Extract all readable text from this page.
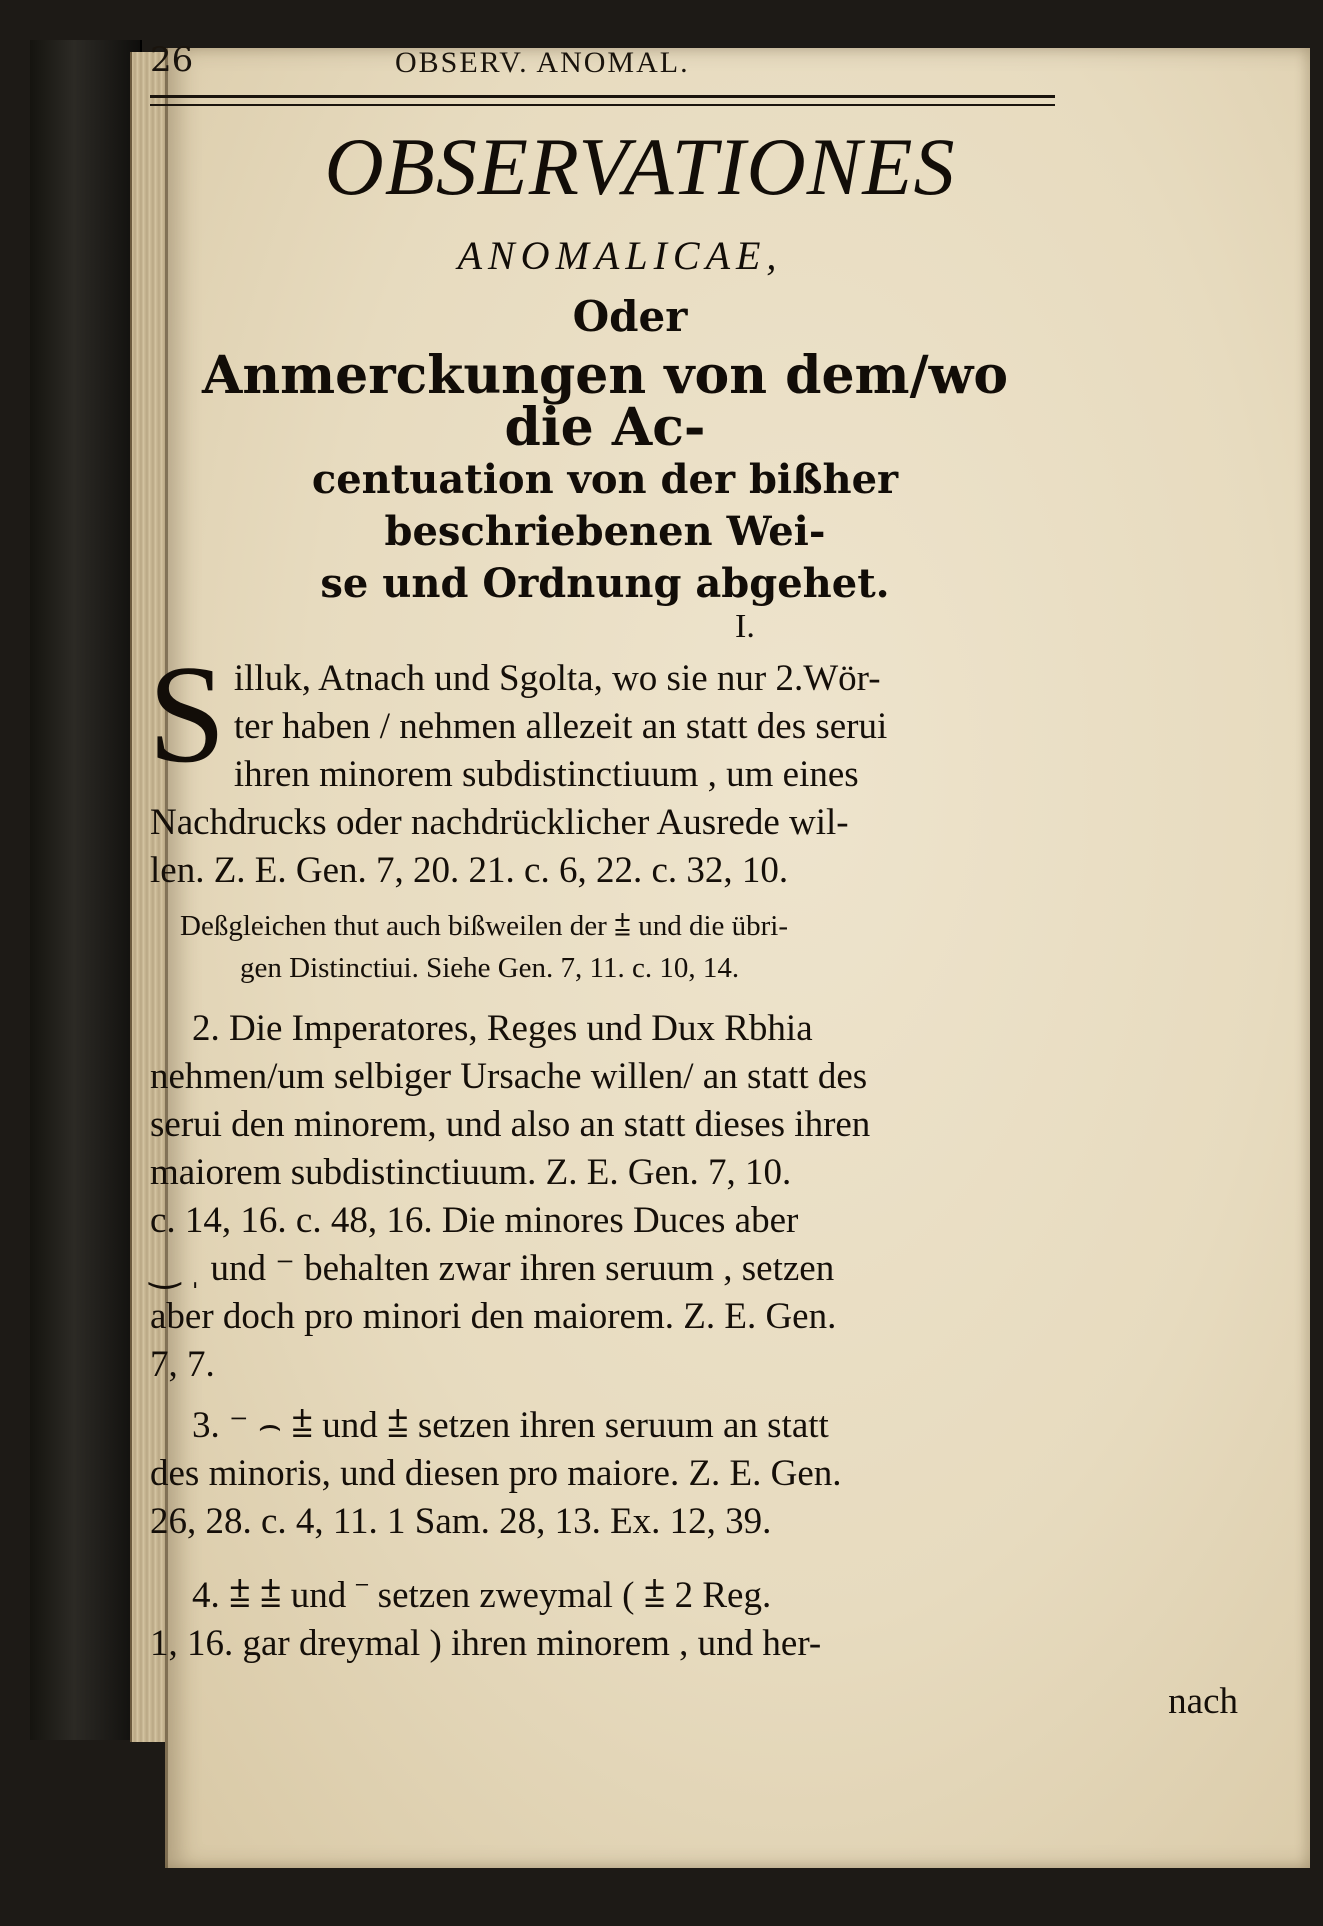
26	OBSERV. ANOMAL.
OBSERVATIONES
ANOMALICAE,
Oder
Anmerckungen von dem/wo die Ac-
centuation von der bißher beschriebenen Wei-
se und Ordnung abgehet.
I.
S illuk, Atnach und Sgolta, wo sie nur 2.Wör-
ter haben / nehmen allezeit an statt des serui
ihren minorem subdistinctiuum , um eines
Nachdrucks oder nachdrücklicher Ausrede wil-
len. Z. E. Gen. 7, 20. 21. c. 6, 22. c. 32, 10.
Deßgleichen thut auch bißweilen der ⩲ und die übri-
gen Distinctiui. Siehe Gen. 7, 11. c. 10, 14.
2. Die Imperatores, Reges und Dux Rbhia
nehmen/um selbiger Ursache willen/ an statt des
serui den minorem, und also an statt dieses ihren
maiorem subdistinctiuum. Z. E. Gen. 7, 10.
c. 14, 16. c. 48, 16. Die minores Duces aber
‿ ˌ und ⁻ behalten zwar ihren seruum , setzen
aber doch pro minori den maiorem. Z. E. Gen.
7, 7.
3. ⁻ ⌢ ⩲ und ⩲ setzen ihren seruum an statt
des minoris, und diesen pro maiore. Z. E. Gen.
26, 28. c. 4, 11. 1 Sam. 28, 13. Ex. 12, 39.
4. ⩲ ⩲ und ⁻ setzen zweymal ( ⩲ 2 Reg.
1, 16. gar dreymal ) ihren minorem , und her-
nach
